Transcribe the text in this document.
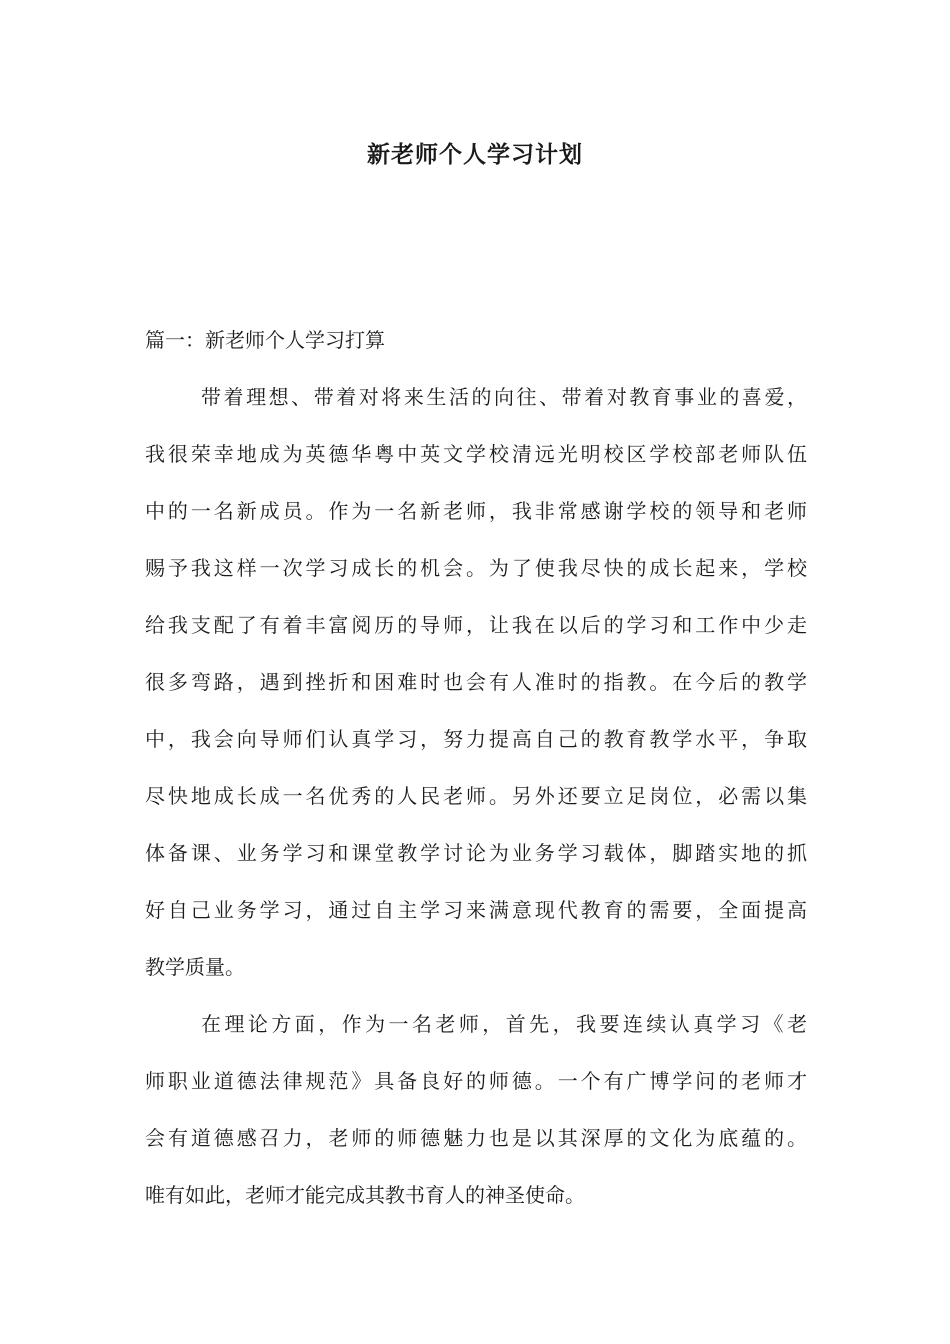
新老师个人学习计划

篇一：新老师个人学习打算

带着理想、带着对将来生活的向往、带着对教育事业的喜爱，
我很荣幸地成为英德华粤中英文学校清远光明校区学校部老师队伍
中的一名新成员。作为一名新老师，我非常感谢学校的领导和老师
赐予我这样一次学习成长的机会。为了使我尽快的成长起来，学校
给我支配了有着丰富阅历的导师，让我在以后的学习和工作中少走
很多弯路，遇到挫折和困难时也会有人准时的指教。在今后的教学
中，我会向导师们认真学习，努力提高自己的教育教学水平，争取
尽快地成长成一名优秀的人民老师。另外还要立足岗位，必需以集
体备课、业务学习和课堂教学讨论为业务学习载体，脚踏实地的抓
好自己业务学习，通过自主学习来满意现代教育的需要，全面提高
教学质量。

在理论方面，作为一名老师，首先，我要连续认真学习《老
师职业道德法律规范》具备良好的师德。一个有广博学问的老师才
会有道德感召力，老师的师德魅力也是以其深厚的文化为底蕴的。
唯有如此，老师才能完成其教书育人的神圣使命。
